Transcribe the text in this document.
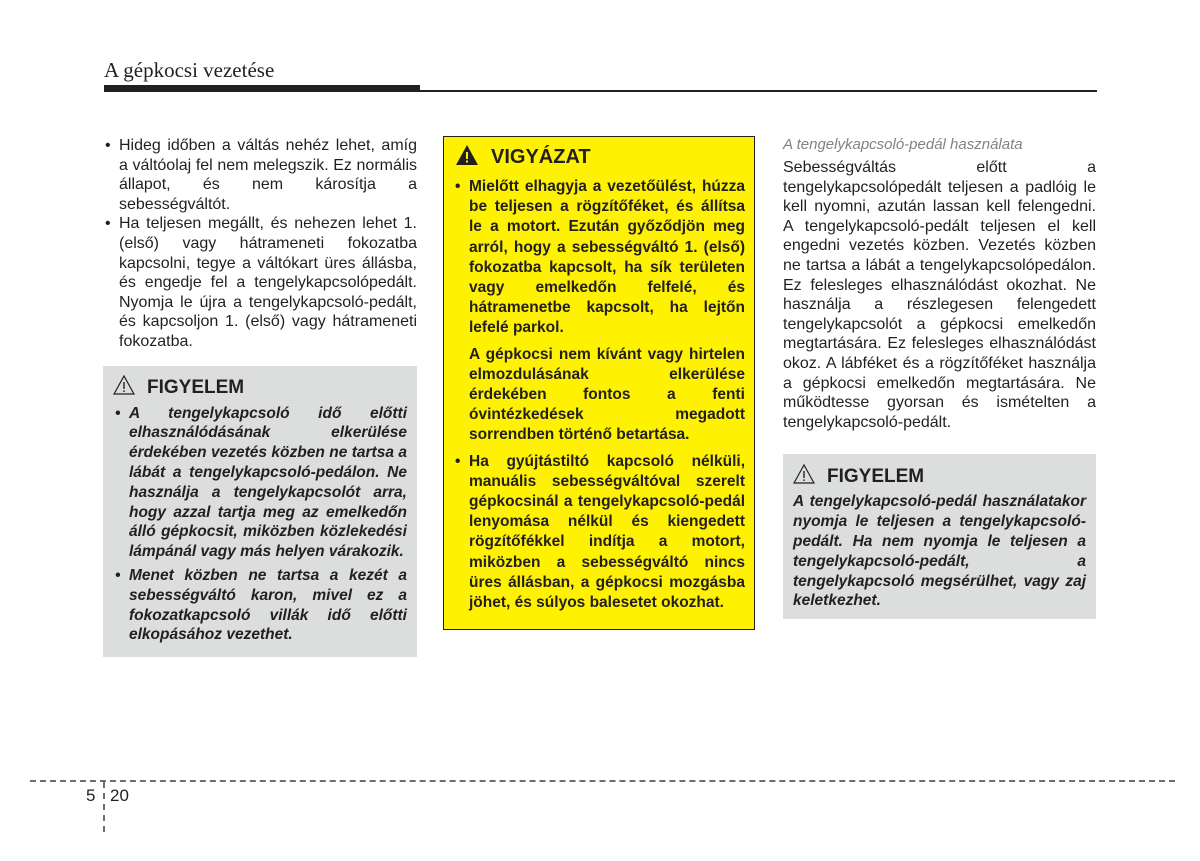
A gépkocsi vezetése
• Hideg időben a váltás nehéz lehet, amíg a váltóolaj fel nem melegszik. Ez normális állapot, és nem károsítja a sebességváltót.
• Ha teljesen megállt, és nehezen lehet 1. (első) vagy hátrameneti fokozatba kapcsolni, tegye a váltókart üres állásba, és engedje fel a tengelykapcsolópedált. Nyomja le újra a tengelykapcsoló-pedált, és kapcsoljon 1. (első) vagy hátrameneti fokozatba.
FIGYELEM
• A tengelykapcsoló idő előtti elhasználódásának elkerülése érdekében vezetés közben ne tartsa a lábát a tengelykapcsoló-pedálon. Ne használja a tengelykapcsolót arra, hogy azzal tartja meg az emelkedőn álló gépkocsit, miközben közlekedési lámpánál vagy más helyen várakozik.
• Menet közben ne tartsa a kezét a sebességváltó karon, mivel ez a fokozatkapcsoló villák idő előtti elkopásához vezethet.
VIGYÁZAT
• Mielőtt elhagyja a vezetőülést, húzza be teljesen a rögzítőféket, és állítsa le a motort. Ezután győződjön meg arról, hogy a sebességváltó 1. (első) fokozatba kapcsolt, ha sík területen vagy emelkedőn felfelé, és hátramenetbe kapcsolt, ha lejtőn lefelé parkol.

A gépkocsi nem kívánt vagy hirtelen elmozdulásának elkerülése érdekében fontos a fenti óvintézkedések megadott sorrendben történő betartása.

• Ha gyújtástiltó kapcsoló nélküli, manuális sebességváltóval szerelt gépkocsinál a tengelykapcsoló-pedál lenyomása nélkül és kiengedett rögzítőfékkel indítja a motort, miközben a sebességváltó nincs üres állásban, a gépkocsi mozgásba jöhet, és súlyos balesetet okozhat.

A tengelykapcsoló-pedál használata

Sebességváltás előtt a tengelykapcsolópedált teljesen a padlóig le kell nyomni, azután lassan kell felengedni. A tengelykapcsoló-pedált teljesen el kell engedni vezetés közben. Vezetés közben ne tartsa a lábát a tengelykapcsolópedálon. Ez felesleges elhasználódást okozhat. Ne használja a részlegesen felengedett tengelykapcsolót a gépkocsi emelkedőn megtartására. Ez felesleges elhasználódást okoz. A lábféket és a rögzítőféket használja a gépkocsi emelkedőn megtartására. Ne működtesse gyorsan és ismételten a tengelykapcsoló-pedált.

FIGYELEM

A tengelykapcsoló-pedál használatakor nyomja le teljesen a tengelykapcsoló-pedált. Ha nem nyomja le teljesen a tengelykapcsoló-pedált, a tengelykapcsoló megsérülhet, vagy zaj keletkezhet.

5 20
